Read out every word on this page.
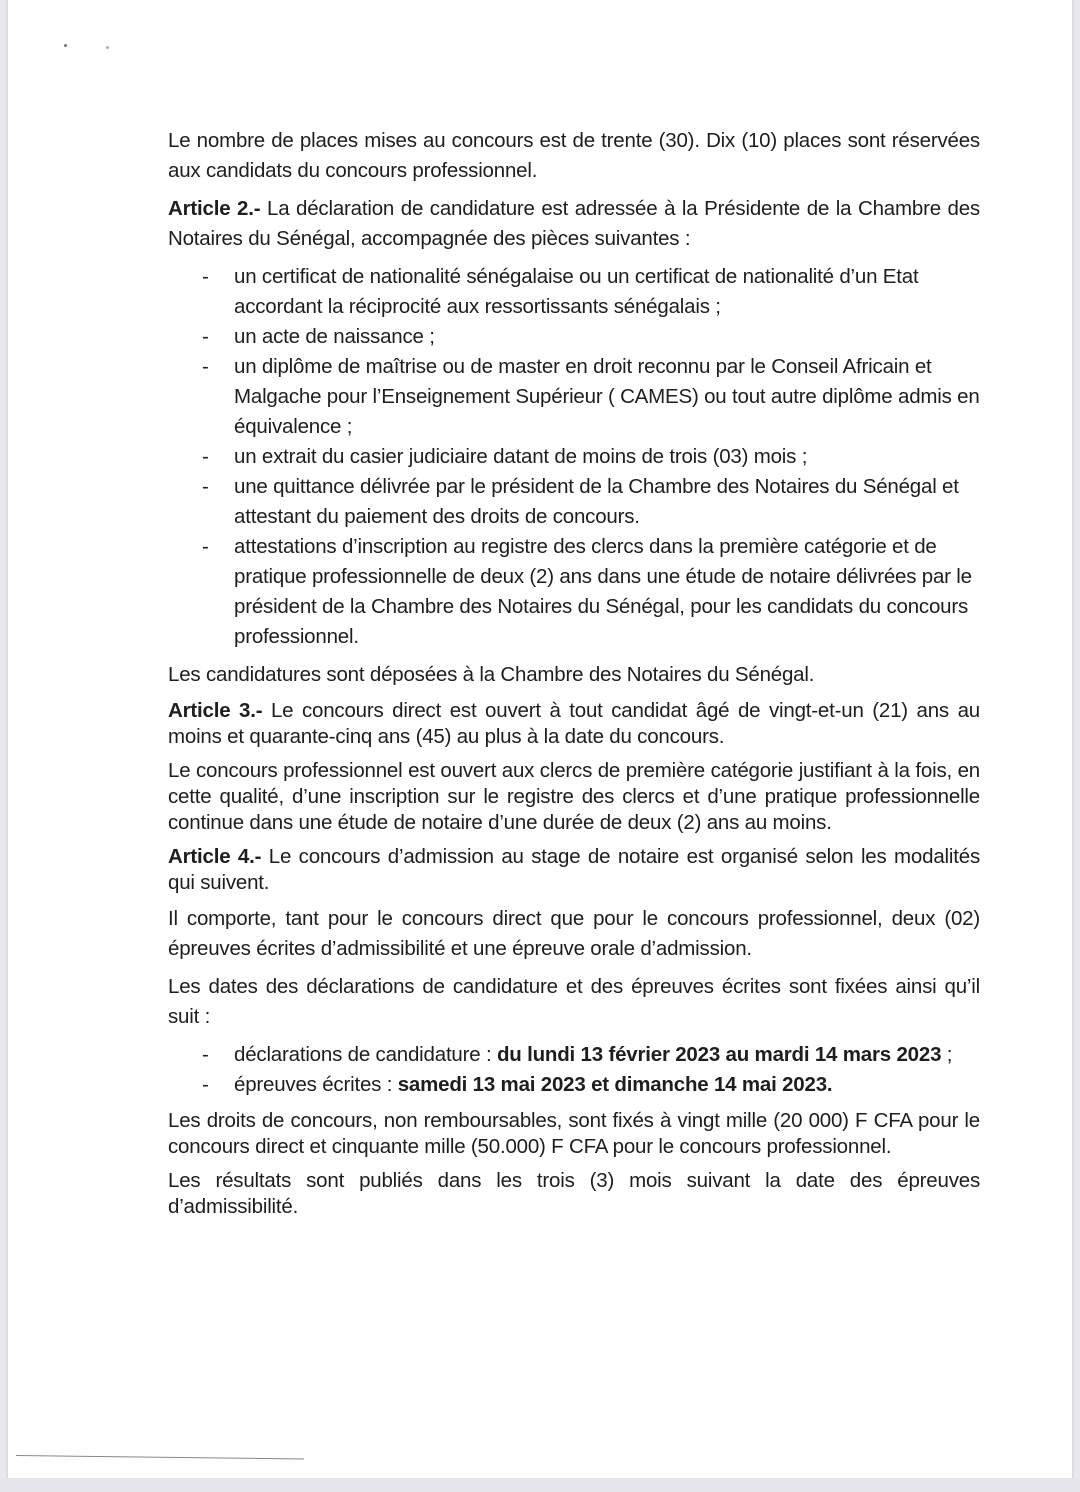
Le nombre de places mises au concours est de trente (30). Dix (10) places sont réservées aux candidats du concours professionnel.

Article 2.- La déclaration de candidature est adressée à la Présidente de la Chambre des Notaires du Sénégal, accompagnée des pièces suivantes :

- un certificat de nationalité sénégalaise ou un certificat de nationalité d’un Etat accordant la réciprocité aux ressortissants sénégalais ;
- un acte de naissance ;
- un diplôme de maîtrise ou de master en droit reconnu par le Conseil Africain et Malgache pour l’Enseignement Supérieur ( CAMES) ou tout autre diplôme admis en équivalence ;
- un extrait du casier judiciaire datant de moins de trois (03) mois ;
- une quittance délivrée par le président de la Chambre des Notaires du Sénégal et attestant du paiement des droits de concours.
- attestations d’inscription au registre des clercs dans la première catégorie et de pratique professionnelle de deux (2) ans dans une étude de notaire délivrées par le président de la Chambre des Notaires du Sénégal, pour les candidats du concours professionnel.

Les candidatures sont déposées à la Chambre des Notaires du Sénégal.

Article 3.- Le concours direct est ouvert à tout candidat âgé de vingt-et-un (21) ans au moins et quarante-cinq ans (45) au plus à la date du concours.

Le concours professionnel est ouvert aux clercs de première catégorie justifiant à la fois, en cette qualité, d’une inscription sur le registre des clercs et d’une pratique professionnelle continue dans une étude de notaire d’une durée de deux (2) ans au moins.

Article 4.- Le concours d’admission au stage de notaire est organisé selon les modalités qui suivent.

Il comporte, tant pour le concours direct que pour le concours professionnel, deux (02) épreuves écrites d’admissibilité et une épreuve orale d’admission.

Les dates des déclarations de candidature et des épreuves écrites sont fixées ainsi qu’il suit :

- déclarations de candidature : du lundi 13 février 2023 au mardi 14 mars 2023 ;
- épreuves écrites : samedi 13 mai 2023 et dimanche 14 mai 2023.

Les droits de concours, non remboursables, sont fixés à vingt mille (20 000) F CFA pour le concours direct et cinquante mille (50.000) F CFA pour le concours professionnel.

Les résultats sont publiés dans les trois (3) mois suivant la date des épreuves d’admissibilité.
